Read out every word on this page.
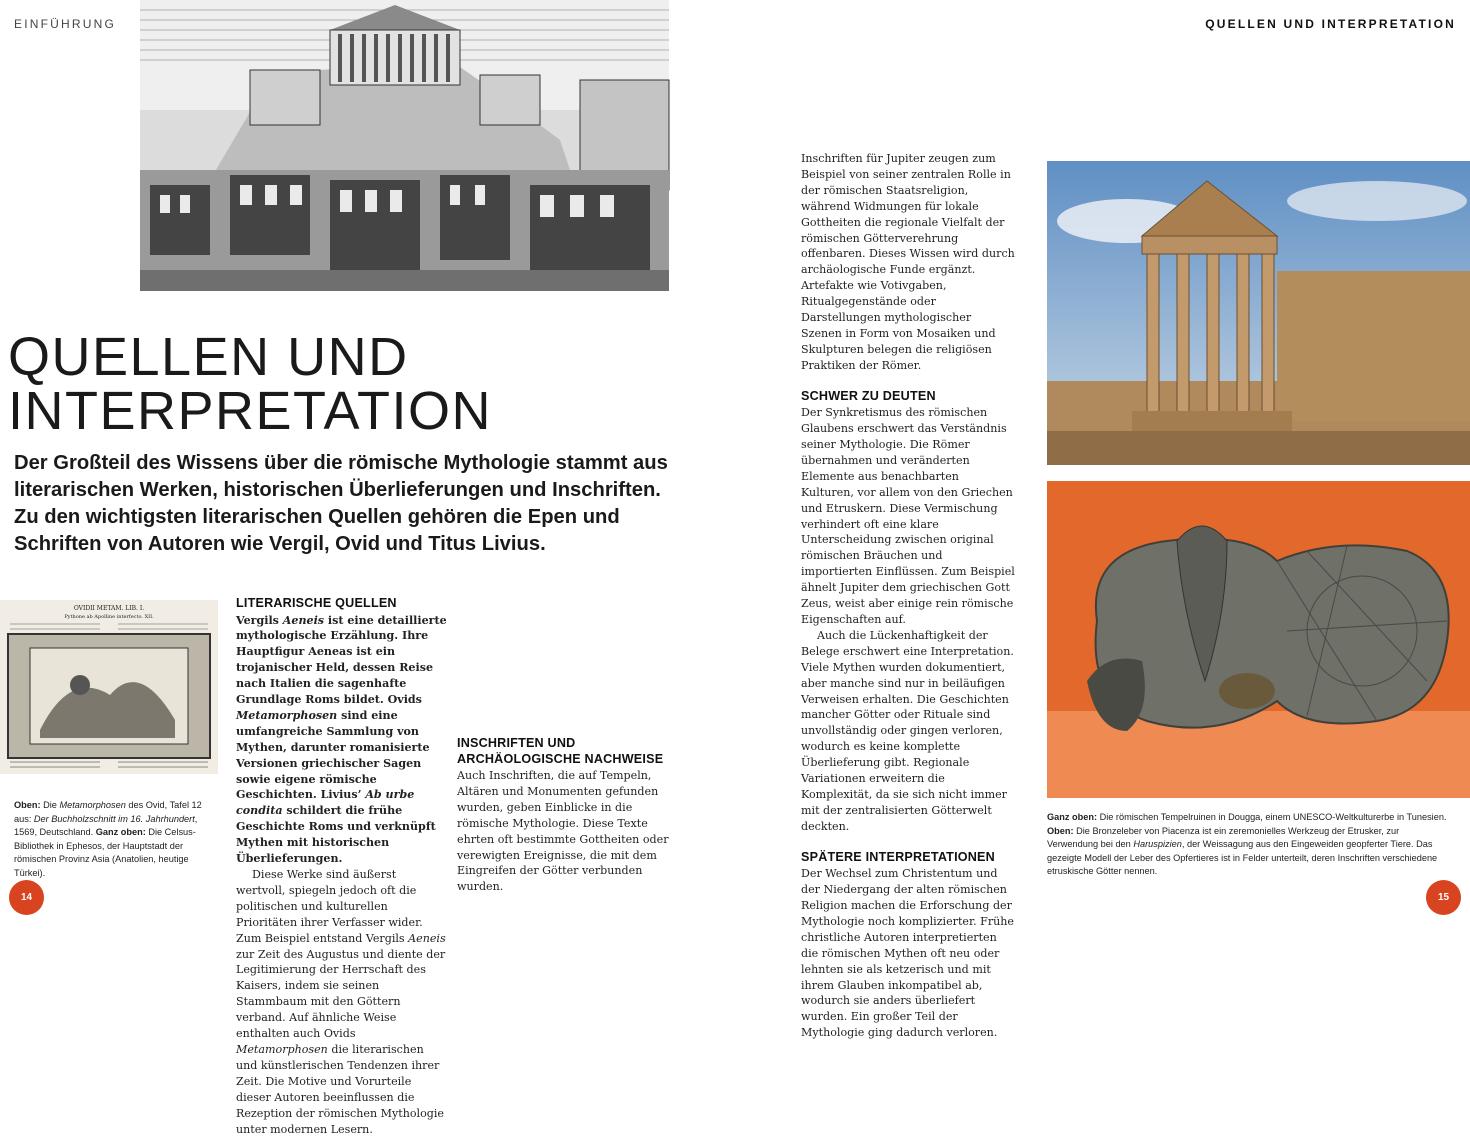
EINFÜHRUNG	QUELLEN UND INTERPRETATION
QUELLEN UND
INTERPRETATION

Der Großteil des Wissens über die römische Mythologie stammt aus literarischen Werken, historischen Überlieferungen und Inschriften. Zu den wichtigsten literarischen Quellen gehören die Epen und Schriften von Autoren wie Vergil, Ovid und Titus Livius.

OVIDII METAM. LIB. I.
Pythone ab Apolline interfecto. XII.
Oben: Die Metamorphosen des Ovid, Tafel 12 aus: Der Buchholzschnitt im 16. Jahrhundert, 1569, Deutschland. Ganz oben: Die Celsus-Bibliothek in Ephesos, der Hauptstadt der römischen Provinz Asia (Anatolien, heutige Türkei).
LITERARISCHE QUELLEN

Vergils Aeneis ist eine detaillierte mythologische Erzählung. Ihre Hauptfigur Aeneas ist ein trojanischer Held, dessen Reise nach Italien die sagenhafte Grundlage Roms bildet. Ovids Metamorphosen sind eine umfangreiche Sammlung von Mythen, darunter romanisierte Versionen griechischer Sagen sowie eigene römische Geschichten. Livius’ Ab urbe condita schildert die frühe Geschichte Roms und verknüpft Mythen mit historischen Überlieferungen.

Diese Werke sind äußerst wertvoll, spiegeln jedoch oft die politischen und kulturellen Prioritäten ihrer Verfasser wider. Zum Beispiel entstand Vergils Aeneis zur Zeit des Augustus und diente der Legitimierung der Herrschaft des Kaisers, indem sie seinen Stammbaum mit den Göttern verband. Auf ähnliche Weise enthalten auch Ovids Metamorphosen die literarischen und künstlerischen Tendenzen ihrer Zeit. Die Motive und Vorurteile dieser Autoren beeinflussen die Rezeption der römischen Mythologie unter modernen Lesern.

INSCHRIFTEN UND ARCHÄOLOGISCHE NACHWEISE

Auch Inschriften, die auf Tempeln, Altären und Monumenten gefunden wurden, geben Einblicke in die römische Mythologie. Diese Texte ehrten oft bestimmte Gottheiten oder verewigten Ereignisse, die mit dem Eingreifen der Götter verbunden wurden.

Inschriften für Jupiter zeugen zum Beispiel von seiner zentralen Rolle in der römischen Staatsreligion, während Widmungen für lokale Gottheiten die regionale Vielfalt der römischen Götterverehrung offenbaren. Dieses Wissen wird durch archäologische Funde ergänzt. Artefakte wie Votivgaben, Ritualgegenstände oder Darstellungen mythologischer Szenen in Form von Mosaiken und Skulpturen belegen die religiösen Praktiken der Römer.

SCHWER ZU DEUTEN

Der Synkretismus des römischen Glaubens erschwert das Verständnis seiner Mythologie. Die Römer übernahmen und veränderten Elemente aus benachbarten Kulturen, vor allem von den Griechen und Etruskern. Diese Vermischung verhindert oft eine klare Unterscheidung zwischen original römischen Bräuchen und importierten Einflüssen. Zum Beispiel ähnelt Jupiter dem griechischen Gott Zeus, weist aber einige rein römische Eigenschaften auf.

Auch die Lückenhaftigkeit der Belege erschwert eine Interpretation. Viele Mythen wurden dokumentiert, aber manche sind nur in beiläufigen Verweisen erhalten. Die Geschichten mancher Götter oder Rituale sind unvollständig oder gingen verloren, wodurch es keine komplette Überlieferung gibt. Regionale Variationen erweitern die Komplexität, da sie sich nicht immer mit der zentralisierten Götterwelt deckten.

SPÄTERE INTERPRETATIONEN

Der Wechsel zum Christentum und der Niedergang der alten römischen Religion machen die Erforschung der Mythologie noch komplizierter. Frühe christliche Autoren interpretierten die römischen Mythen oft neu oder lehnten sie als ketzerisch und mit ihrem Glauben inkompatibel ab, wodurch sie anders überliefert wurden. Ein großer Teil der Mythologie ging dadurch verloren.

Ganz oben: Die römischen Tempelruinen in Dougga, einem UNESCO-Weltkulturerbe in Tunesien. Oben: Die Bronzeleber von Piacenza ist ein zeremonielles Werkzeug der Etrusker, zur Verwendung bei den Haruspizien, der Weissagung aus den Eingeweiden geopferter Tiere. Das gezeigte Modell der Leber des Opfertieres ist in Felder unterteilt, deren Inschriften verschiedene etruskische Götter nennen.
14	15
